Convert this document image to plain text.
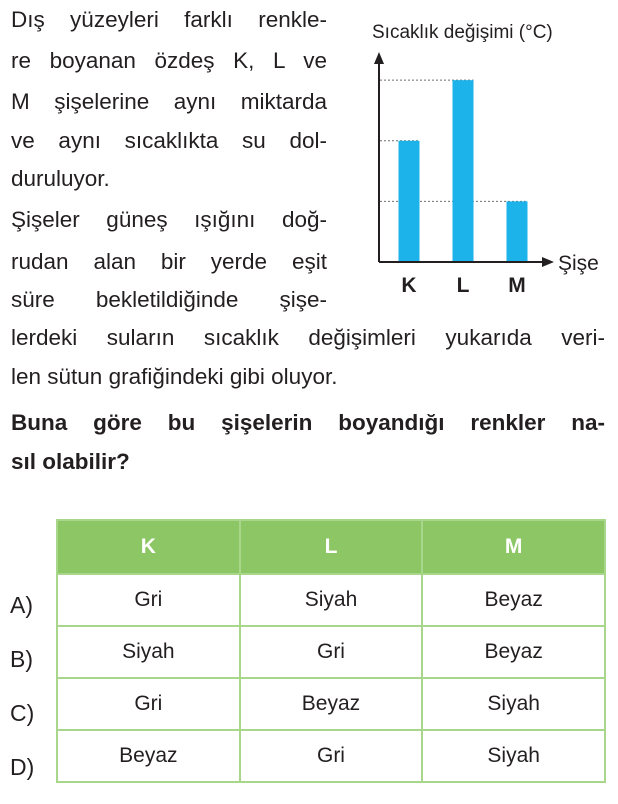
Dış yüzeyleri farklı renkle-
re boyanan özdeş K, L ve
M şişelerine aynı miktarda
ve aynı sıcaklıkta su dol-
duruluyor.
Şişeler güneş ışığını doğ-
rudan alan bir yerde eşit
süre bekletildiğinde şişe-
lerdeki suların sıcaklık değişimleri yukarıda veri-
len sütun grafiğindeki gibi oluyor.
Buna göre bu şişelerin boyandığı renkler na-
sıl olabilir?
Sıcaklık değişimi (°C)
Şişe
K L M
A)
B)
C)
D)
K	L	M
Gri	Siyah	Beyaz
Siyah	Gri	Beyaz
Gri	Beyaz	Siyah
Beyaz	Gri	Siyah
